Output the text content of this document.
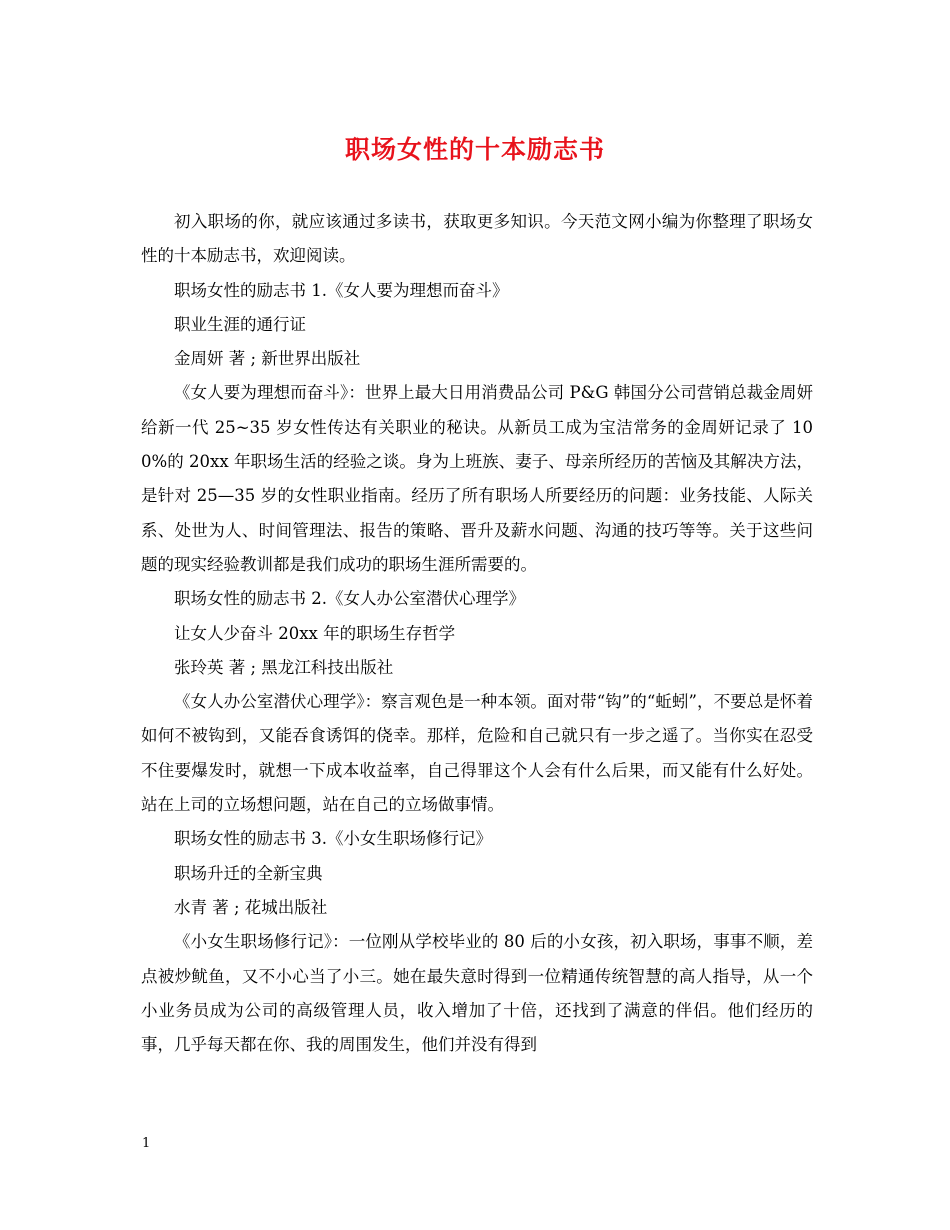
职场女性的十本励志书

初入职场的你，就应该通过多读书，获取更多知识。今天范文网小编为你整理了职场女性的十本励志书，欢迎阅读。

职场女性的励志书 1.《女人要为理想而奋斗》

职业生涯的通行证

金周妍 著 ; 新世界出版社

《女人要为理想而奋斗》：世界上最大日用消费品公司 P&G 韩国分公司营销总裁金周妍给新一代 25~35 岁女性传达有关职业的秘诀。从新员工成为宝洁常务的金周妍记录了 100%的 20xx 年职场生活的经验之谈。身为上班族、妻子、母亲所经历的苦恼及其解决方法，是针对 25—35 岁的女性职业指南。经历了所有职场人所要经历的问题：业务技能、人际关系、处世为人、时间管理法、报告的策略、晋升及薪水问题、沟通的技巧等等。关于这些问题的现实经验教训都是我们成功的职场生涯所需要的。

职场女性的励志书 2.《女人办公室潜伏心理学》

让女人少奋斗 20xx 年的职场生存哲学

张玲英 著 ; 黑龙江科技出版社

《女人办公室潜伏心理学》：察言观色是一种本领。面对带“钩”的“蚯蚓”，不要总是怀着如何不被钩到，又能吞食诱饵的侥幸。那样，危险和自己就只有一步之遥了。当你实在忍受不住要爆发时，就想一下成本收益率，自己得罪这个人会有什么后果，而又能有什么好处。站在上司的立场想问题，站在自己的立场做事情。

职场女性的励志书 3.《小女生职场修行记》

职场升迁的全新宝典

水青 著 ; 花城出版社

《小女生职场修行记》：一位刚从学校毕业的 80 后的小女孩，初入职场，事事不顺，差点被炒鱿鱼，又不小心当了小三。她在最失意时得到一位精通传统智慧的高人指导，从一个小业务员成为公司的高级管理人员，收入增加了十倍，还找到了满意的伴侣。他们经历的事，几乎每天都在你、我的周围发生，他们并没有得到

1
